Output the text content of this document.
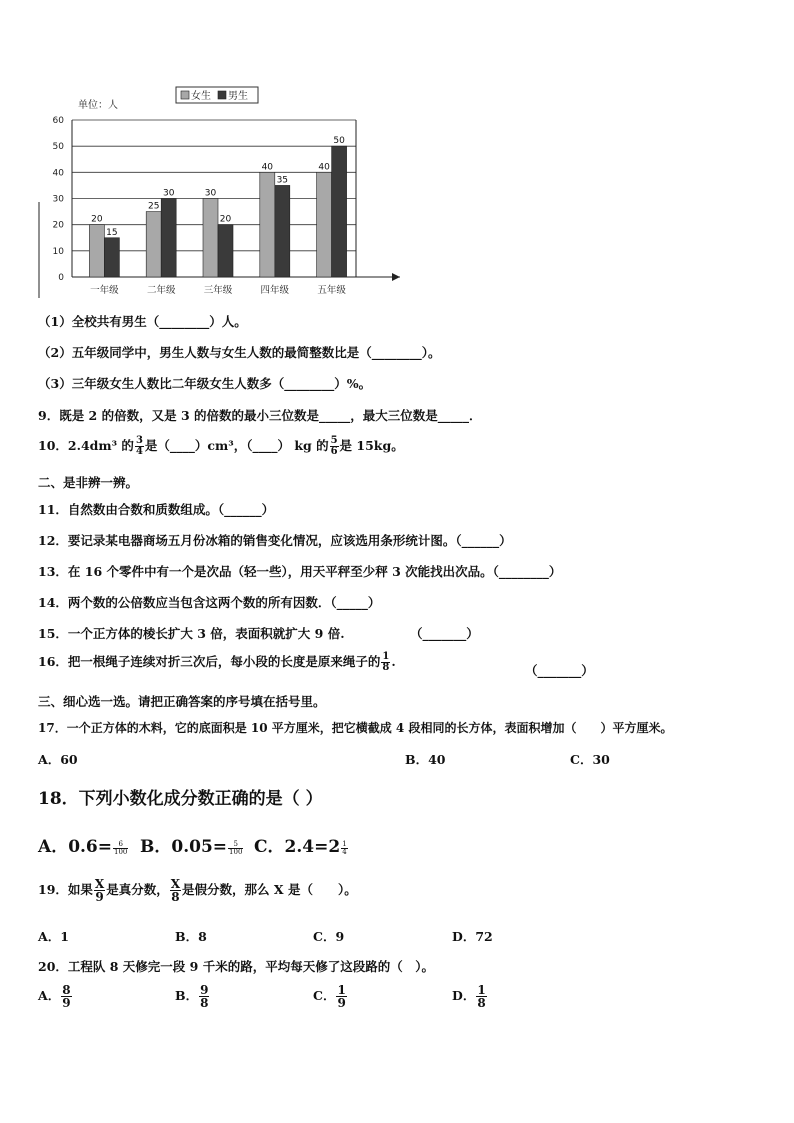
单位：人
女生 男生
0
10
20
30
40
50
60
20
15
一年级
25
30
二年级
30
20
三年级
40
35
四年级
40
50
五年级
（1）全校共有男生（________）人。
（2）五年级同学中，男生人数与女生人数的最简整数比是（________）。
（3）三年级女生人数比二年级女生人数多（________）%。
9．既是 2 的倍数，又是 3 的倍数的最小三位数是_____，最大三位数是_____．
10．2.4dm³ 的 $\frac{3}{4}$ 是（____）cm³，（____） kg 的 $\frac{5}{6}$ 是 15kg。
二、是非辨一辨。
11．自然数由合数和质数组成。（______）
12．要记录某电器商场五月份冰箱的销售变化情况，应该选用条形统计图。（______）
13．在 16 个零件中有一个是次品（轻一些），用天平秤至少秤 3 次能找出次品。（________）
14．两个数的公倍数应当包含这两个数的所有因数．（_____）
15．一个正方体的棱长扩大 3 倍，表面积就扩大 9 倍.	（_______）
16．把一根绳子连续对折三次后，每小段的长度是原来绳子的 $\frac{1}{8}$ .
（_______）
三、细心选一选。请把正确答案的序号填在括号里。
17．一个正方体的木料，它的底面积是 10 平方厘米，把它横截成 4 段相同的长方体，表面积增加（　　）平方厘米。
A．60	B．40	C．30
18．下列小数化成分数正确的是（ ）
A．$0.6= \frac{6}{100}$ B．$0.05= \frac{5}{100}$ C．$2.4=2 \frac{1}{4}$
19．如果 $\frac{X}{9}$ 是真分数， $\frac{X}{8}$ 是假分数，那么 X 是（　　）。
A．1	B．8	C．9	D．72
20．工程队 8 天修完一段 9 千米的路，平均每天修了这段路的（　）。
A． $\frac{8}{9}$	B． $\frac{9}{8}$	C． $\frac{1}{9}$	D． $\frac{1}{8}$
